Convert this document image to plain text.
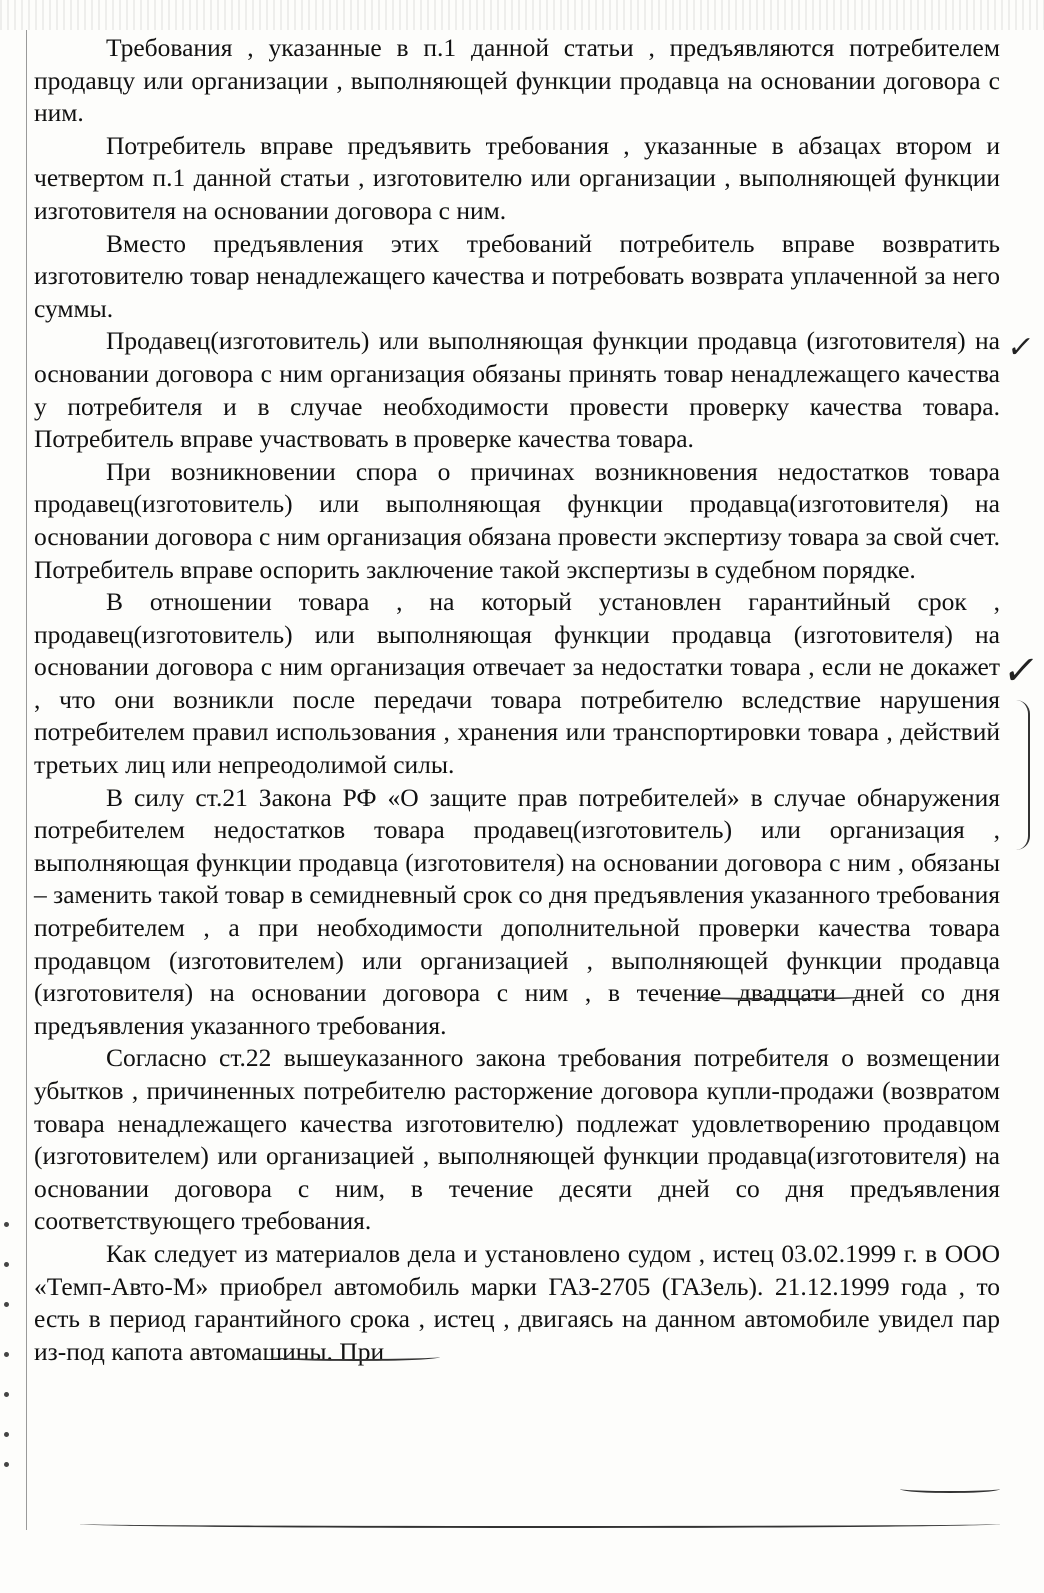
Требования , указанные в п.1 данной статьи , предъявляются потребителем продавцу или организации , выполняющей функции продавца на основании договора с ним.

Потребитель вправе предъявить требования , указанные в абзацах втором и четвертом п.1 данной статьи , изготовителю или организации , выполняющей функции изготовителя на основании договора с ним.

Вместо предъявления этих требований потребитель вправе возвратить изготовителю товар ненадлежащего качества и потребовать возврата уплаченной за него суммы.

Продавец(изготовитель) или выполняющая функции продавца (изготовителя) на основании договора с ним организация обязаны принять товар ненадлежащего качества у потребителя и в случае необходимости провести проверку качества товара. Потребитель вправе участвовать в проверке качества товара.

При возникновении спора о причинах возникновения недостатков товара продавец(изготовитель) или выполняющая функции продавца(изготовителя) на основании договора с ним организация обязана провести экспертизу товара за свой счет. Потребитель вправе оспорить заключение такой экспертизы в судебном порядке.

В отношении товара , на который установлен гарантийный срок , продавец(изготовитель) или выполняющая функции продавца (изготовителя) на основании договора с ним организация отвечает за недостатки товара , если не докажет , что они возникли после передачи товара потребителю вследствие нарушения потребителем правил использования , хранения или транспортировки товара , действий третьих лиц или непреодолимой силы.

В силу ст.21 Закона РФ «О защите прав потребителей» в случае обнаружения потребителем недостатков товара продавец(изготовитель) или организация , выполняющая функции продавца (изготовителя) на основании договора с ним , обязаны – заменить такой товар в семидневный срок со дня предъявления указанного требования потребителем , а при необходимости дополнительной проверки качества товара продавцом (изготовителем) или организацией , выполняющей функции продавца (изготовителя) на основании договора с ним , в течение двадцати дней со дня предъявления указанного требования.

Согласно ст.22 вышеуказанного закона требования потребителя о возмещении убытков , причиненных потребителю расторжение договора купли-продажи (возвратом товара ненадлежащего качества изготовителю) подлежат удовлетворению продавцом (изготовителем) или организацией , выполняющей функции продавца(изготовителя) на основании договора с ним, в течение десяти дней со дня предъявления соответствующего требования.

Как следует из материалов дела и установлено судом , истец 03.02.1999 г. в ООО «Темп-Авто-М» приобрел автомобиль марки ГАЗ-2705 (ГАЗель). 21.12.1999 года , то есть в период гарантийного срока , истец , двигаясь на данном автомобиле увидел пар из-под капота автомашины. При

✓
✓
